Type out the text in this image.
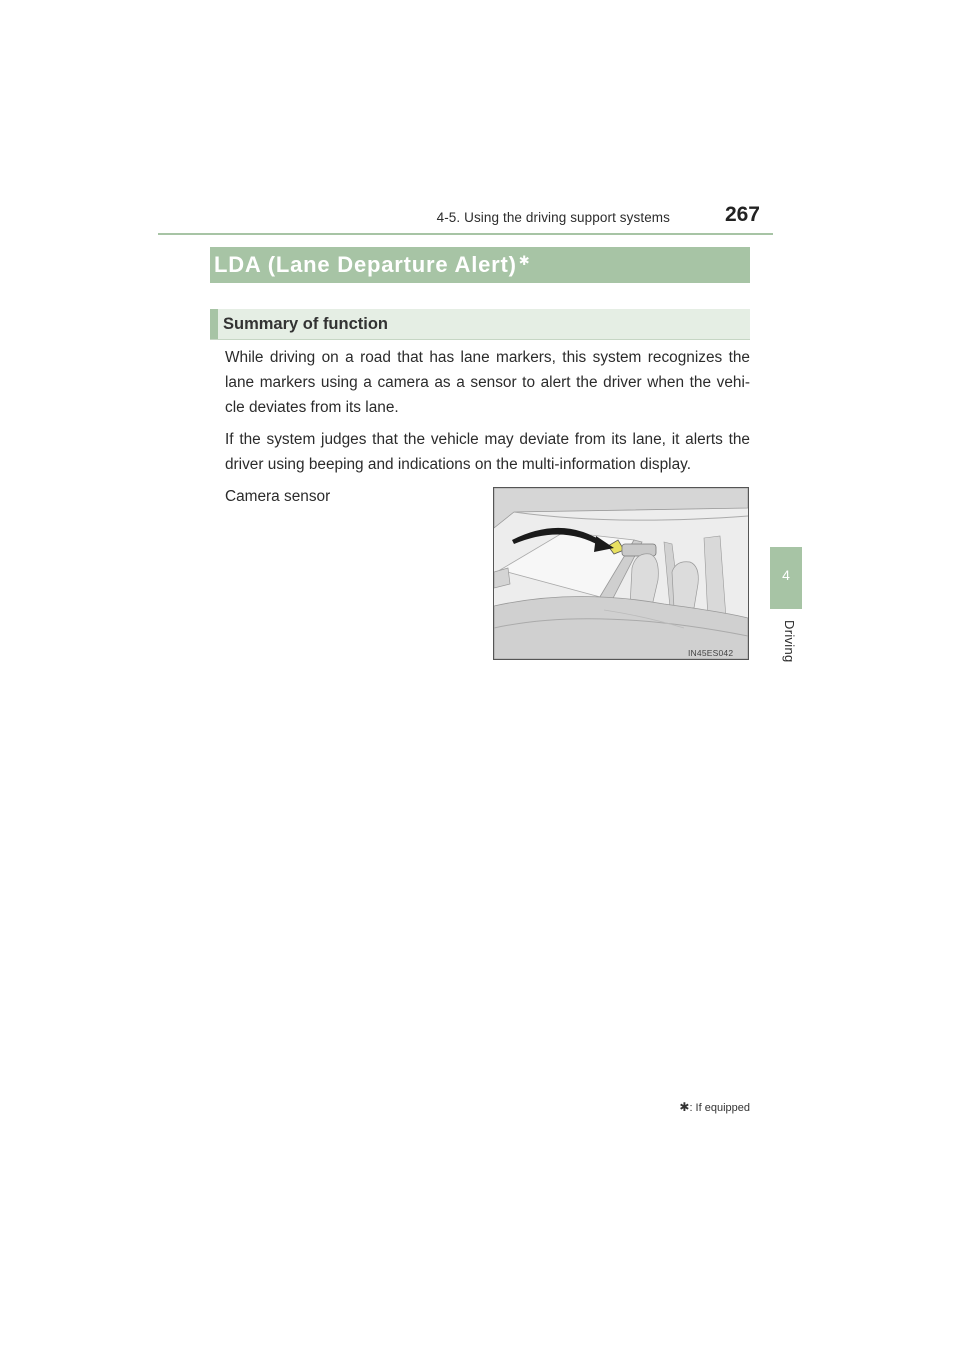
4-5. Using the driving support systems	267
4
Driving
LDA (Lane Departure Alert) ✱
Summary of function
While driving on a road that has lane markers, this system recognizes the lane markers using a camera as a sensor to alert the driver when the vehi-cle deviates from its lane.
If the system judges that the vehicle may deviate from its lane, it alerts the driver using beeping and indications on the multi-information display.
Camera sensor
IN45ES042
✱: If equipped
